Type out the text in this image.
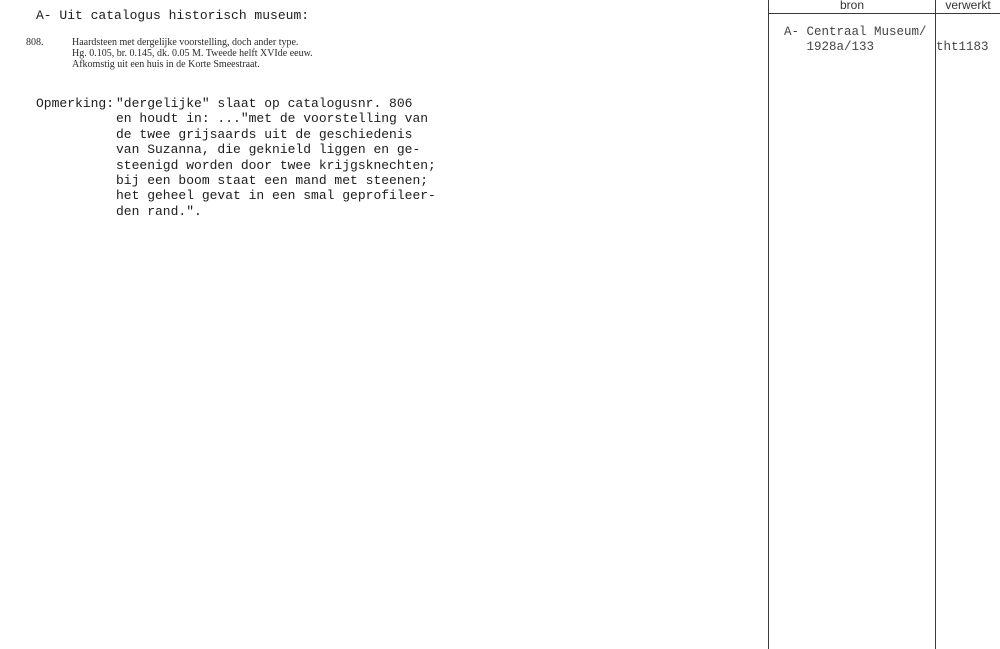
A- Uit catalogus historisch museum:
808.	Haardsteen met dergelijke voorstelling, doch ander type.
Hg. 0.105, br. 0.145, dk. 0.05 M. Tweede helft XVIde eeuw.
Afkomstig uit een huis in de Korte Smeestraat.
Opmerking: "dergelijke" slaat op catalogusnr. 806
en houdt in: ..."met de voorstelling van
de twee grijsaards uit de geschiedenis
van Suzanna, die geknield liggen en ge-
steenigd worden door twee krijgsknechten;
bij een boom staat een mand met steenen;
het geheel gevat in een smal geprofileer-
den rand.".
bron	verwerkt
A- Centraal Museum/
1928a/133	tht1183
